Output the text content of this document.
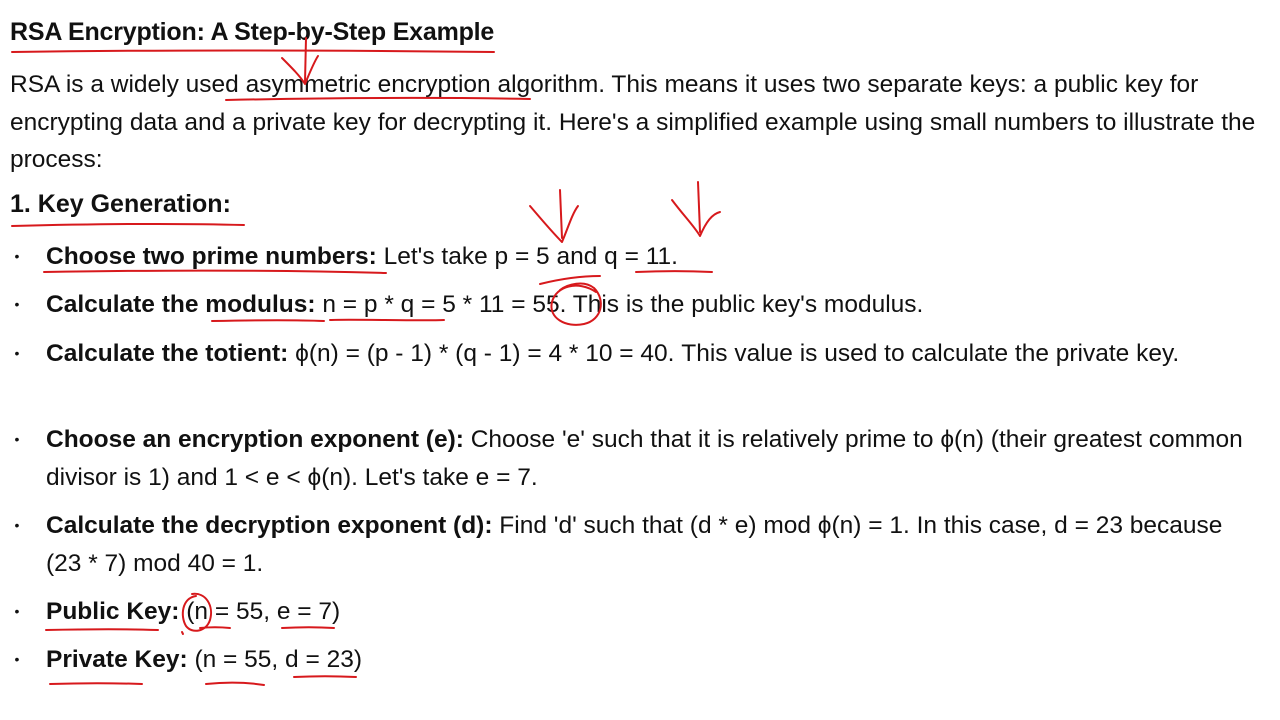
RSA Encryption: A Step-by-Step Example
RSA is a widely used asymmetric encryption algorithm. This means it uses two separate keys: a public key for encrypting data and a private key for decrypting it. Here's a simplified example using small numbers to illustrate the process:
1. Key Generation:
• Choose two prime numbers: Let's take p = 5 and q = 11.
• Calculate the modulus: n = p * q = 5 * 11 = 55. This is the public key's modulus.
• Calculate the totient: ϕ(n) = (p - 1) * (q - 1) = 4 * 10 = 40. This value is used to calculate the private key.
• Choose an encryption exponent (e): Choose 'e' such that it is relatively prime to ϕ(n) (their greatest common divisor is 1) and 1 < e < ϕ(n). Let's take e = 7.
• Calculate the decryption exponent (d): Find 'd' such that (d * e) mod ϕ(n) = 1. In this case, d = 23 because (23 * 7) mod 40 = 1.
• Public Key: (n = 55, e = 7)
• Private Key: (n = 55, d = 23)
